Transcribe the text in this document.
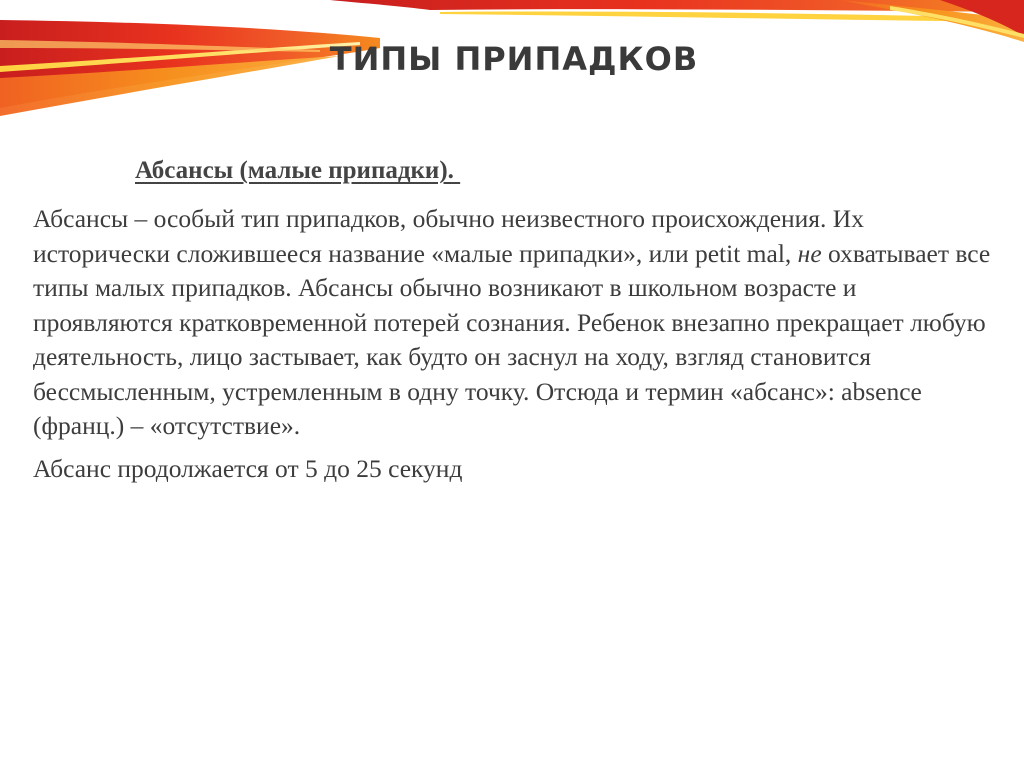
ТИПЫ ПРИПАДКОВ
Абсансы (малые припадки).

Абсансы – особый тип припадков, обычно неизвестного происхождения. Их исторически сложившееся название «малые припадки», или petit mal, не охватывает все типы малых припадков. Абсансы обычно возникают в школьном возрасте и проявляются кратковременной потерей сознания. Ребенок внезапно прекращает любую деятельность, лицо застывает, как будто он заснул на ходу, взгляд становится бессмысленным, устремленным в одну точку. Отсюда и термин «абсанс»: absence (франц.) – «отсутствие».

Абсанс продолжается от 5 до 25 секунд
